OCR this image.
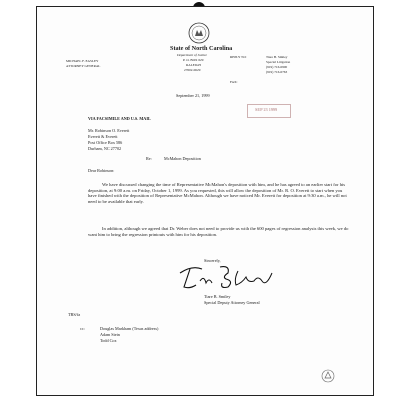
State of North Carolina
Department of Justice
P. O. BOX 629
RALEIGH
27602-0629
MICHAEL F. EASLEY
ATTORNEY GENERAL
REPLY TO:	Tiare B. Smiley
Special Litigation
(919) 716-6900
FAX:
(919) 716-6763
September 21, 1999
SEP 23 1999
VIA FACSIMILE AND U.S. MAIL
Mr. Robinson O. Everett
Everett & Everett
Post Office Box 586
Durham, NC 27702
Re:	McMahon Deposition
Dear Robinson:
We have discussed changing the time of Representative McMahon's deposition with him, and he has agreed to an earlier start for his deposition, at 9:00 a.m. on Friday, October 1, 1999. As you requested, this will allow the deposition of Mr. R. O. Everett to start when you have finished with the deposition of Representative McMahon. Although we have noticed Mr. Everett for deposition at 9:30 a.m., he will not need to be available that early.
In addition, although we agreed that Dr. Weber does not need to provide us with the 600 pages of regression analysis this week, we do want him to bring the regression printouts with him for his deposition.
Sincerely,
Tiare B. Smiley
Special Deputy Attorney General
TBS/fa
cc:	Douglas Markham (Texas address)
Adam Stein
Todd Cox
